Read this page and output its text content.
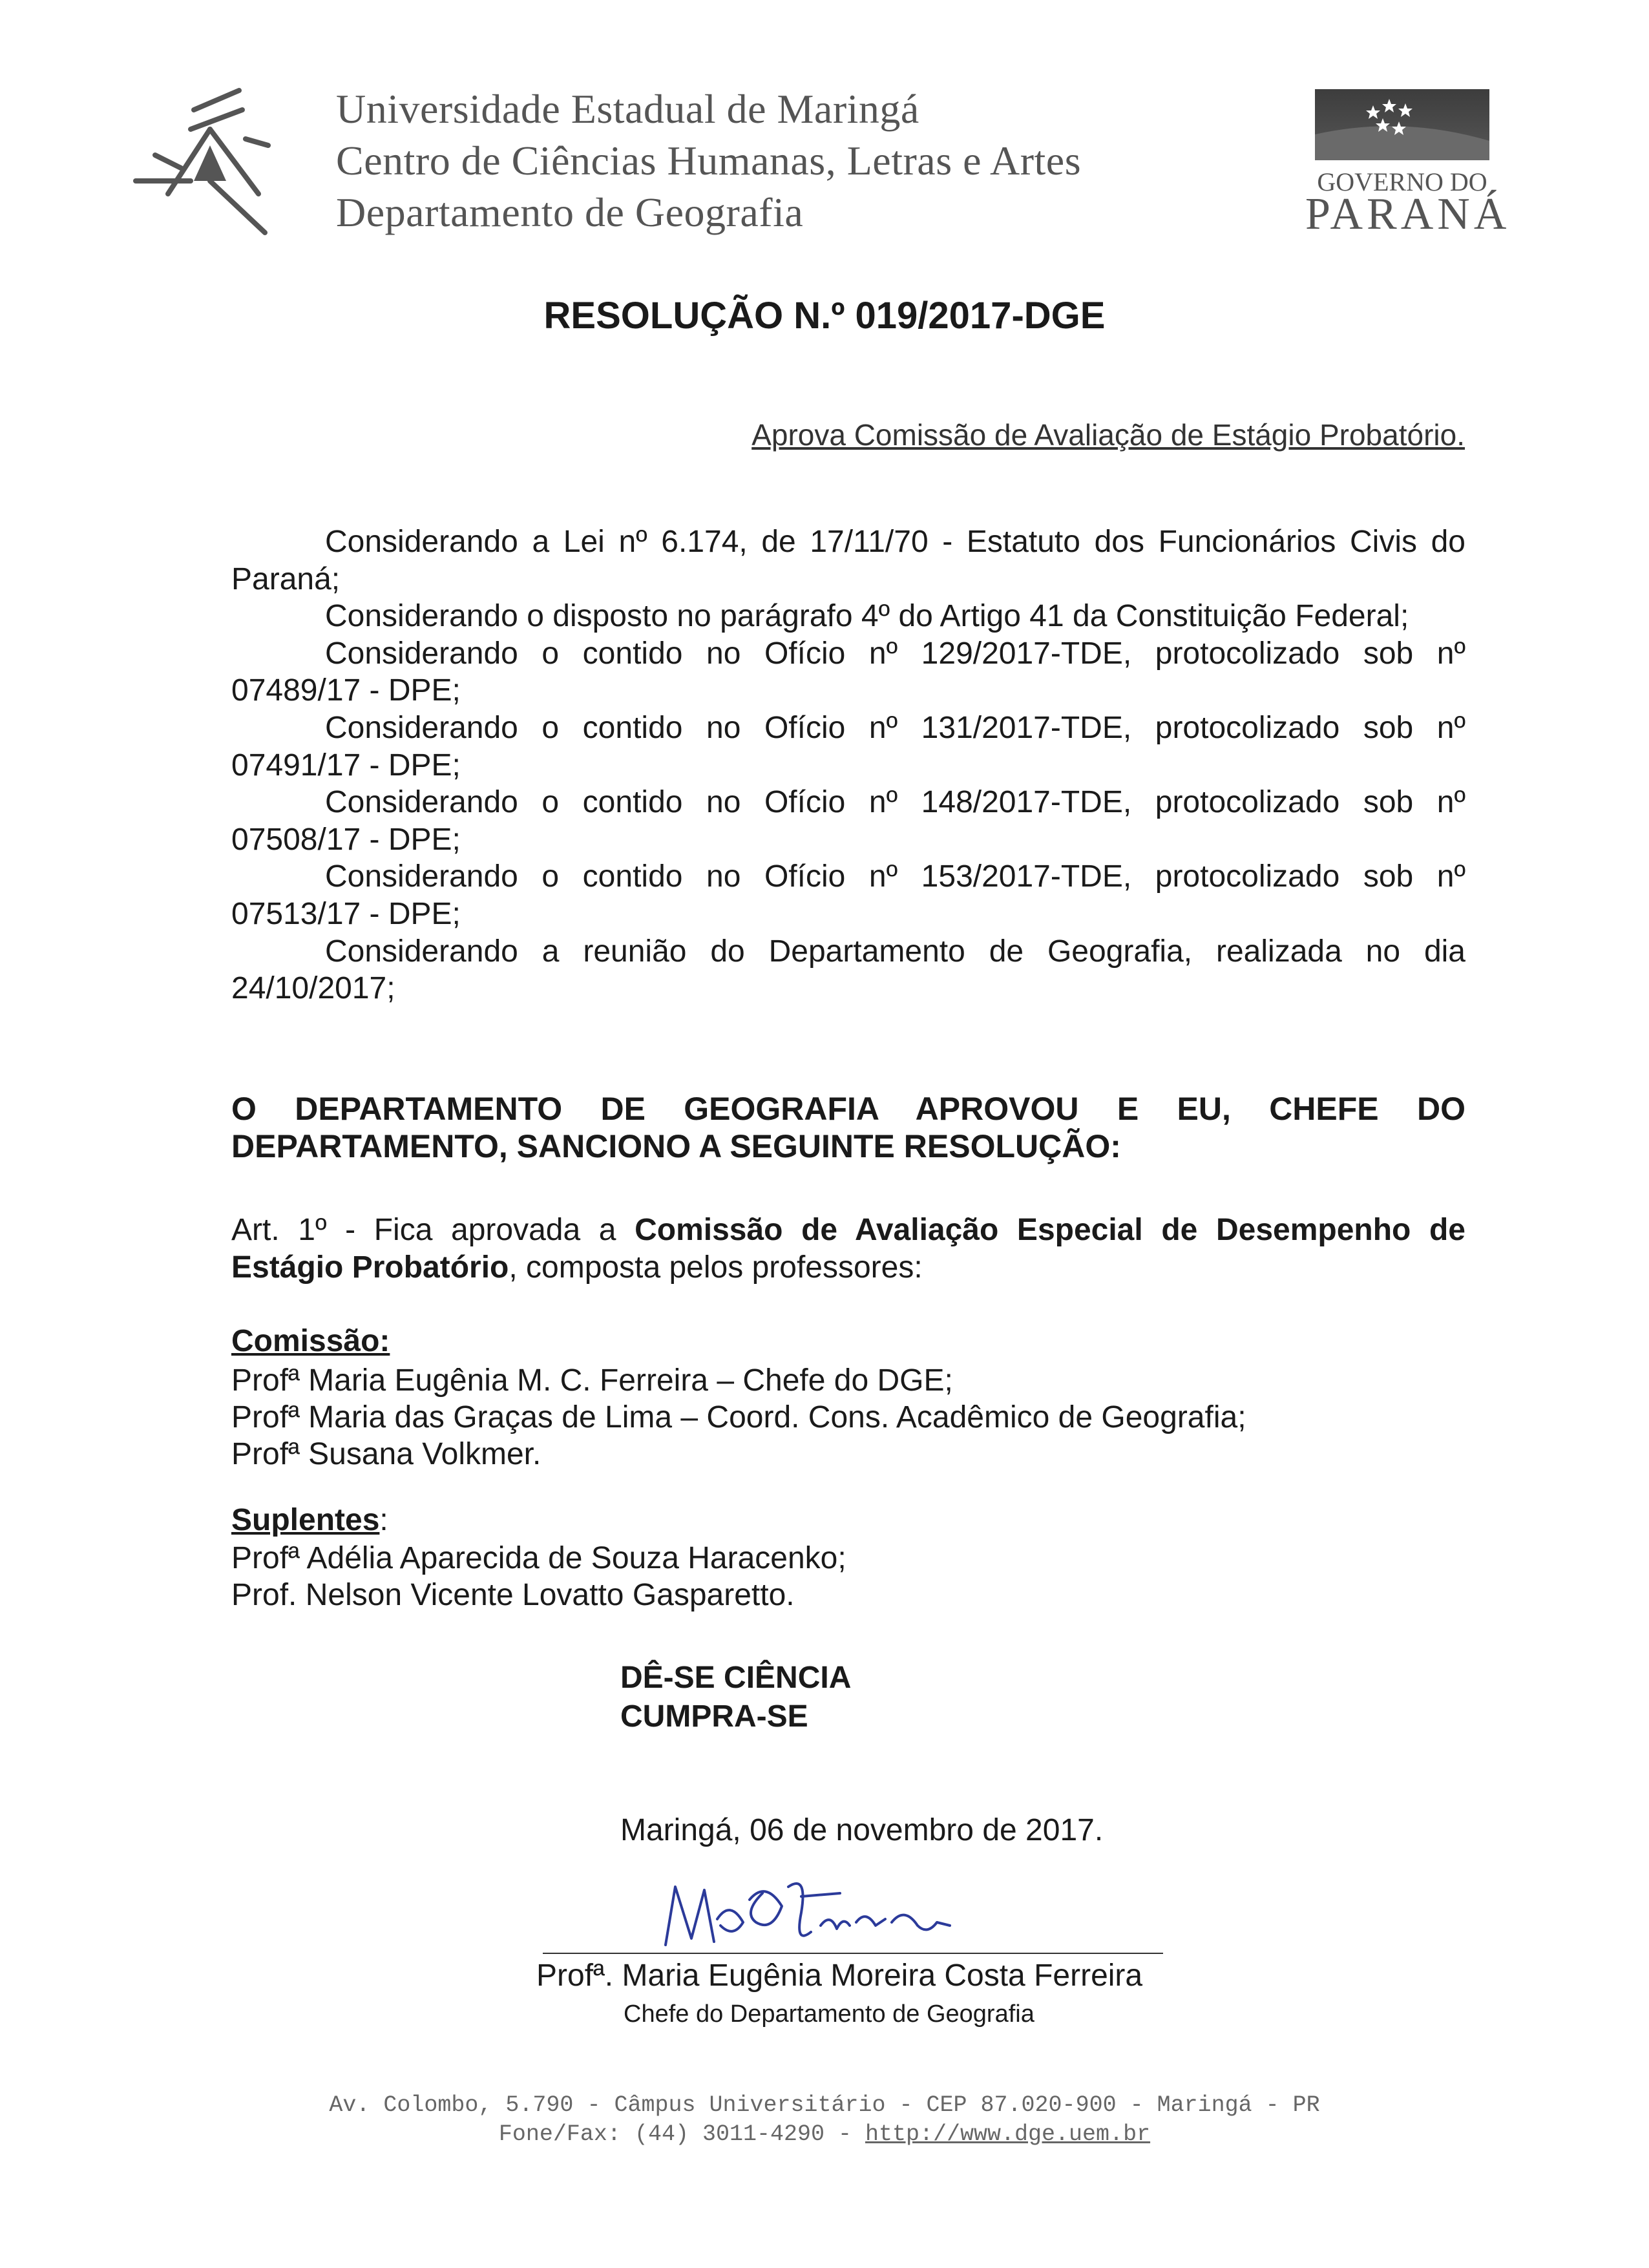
Universidade Estadual de Maringá
Centro de Ciências Humanas, Letras e Artes
Departamento de Geografia
GOVERNO DO
PARANÁ
RESOLUÇÃO N.º 019/2017-DGE
Aprova Comissão de Avaliação de Estágio Probatório.

Considerando a Lei nº 6.174, de 17/11/70 - Estatuto dos Funcionários Civis do Paraná;

Considerando o disposto no parágrafo 4º do Artigo 41 da Constituição Federal;

Considerando o contido no Ofício nº 129/2017-TDE, protocolizado sob nº 07489/17 - DPE;

Considerando o contido no Ofício nº 131/2017-TDE, protocolizado sob nº 07491/17 - DPE;

Considerando o contido no Ofício nº 148/2017-TDE, protocolizado sob nº 07508/17 - DPE;

Considerando o contido no Ofício nº 153/2017-TDE, protocolizado sob nº 07513/17 - DPE;

Considerando a reunião do Departamento de Geografia, realizada no dia 24/10/2017;

O DEPARTAMENTO DE GEOGRAFIA APROVOU E EU, CHEFE DO DEPARTAMENTO, SANCIONO A SEGUINTE RESOLUÇÃO:
Art. 1º - Fica aprovada a Comissão de Avaliação Especial de Desempenho de Estágio Probatório, composta pelos professores:
Comissão:
Profª Maria Eugênia M. C. Ferreira – Chefe do DGE;
Profª Maria das Graças de Lima – Coord. Cons. Acadêmico de Geografia;
Profª Susana Volkmer.
Suplentes:
Profª Adélia Aparecida de Souza Haracenko;
Prof. Nelson Vicente Lovatto Gasparetto.
DÊ-SE CIÊNCIA
CUMPRA-SE
Maringá, 06 de novembro de 2017.
Profª. Maria Eugênia Moreira Costa Ferreira
Chefe do Departamento de Geografia
Av. Colombo, 5.790 - Câmpus Universitário - CEP 87.020-900 - Maringá - PR
Fone/Fax: (44) 3011-4290 - http://www.dge.uem.br
